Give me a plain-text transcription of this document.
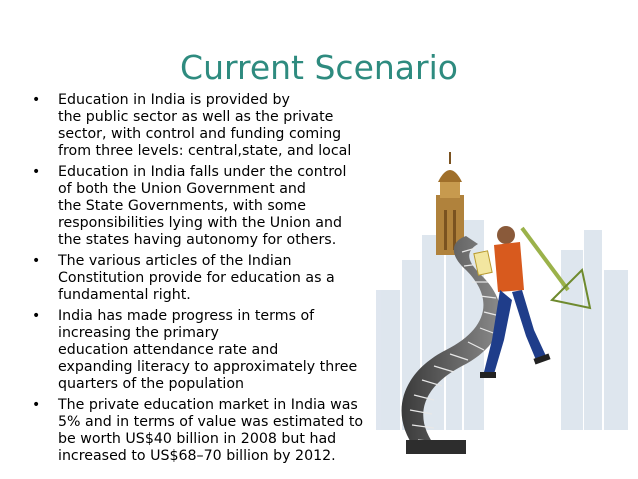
Current Scenario
• Education in India is provided by
the public sector as well as the private
sector, with control and funding coming
from three levels: central,state, and local
• Education in India falls under the control
of both the Union Government and
the State Governments, with some
responsibilities lying with the Union and
the states having autonomy for others.
• The various articles of the Indian
Constitution provide for education as a
fundamental right.
• India has made progress in terms of
increasing the primary
education attendance rate and
expanding literacy to approximately three
quarters of the population
• The private education market in India was
5% and in terms of value was estimated to
be worth US$40 billion in 2008 but had
increased to US$68–70 billion by 2012.
